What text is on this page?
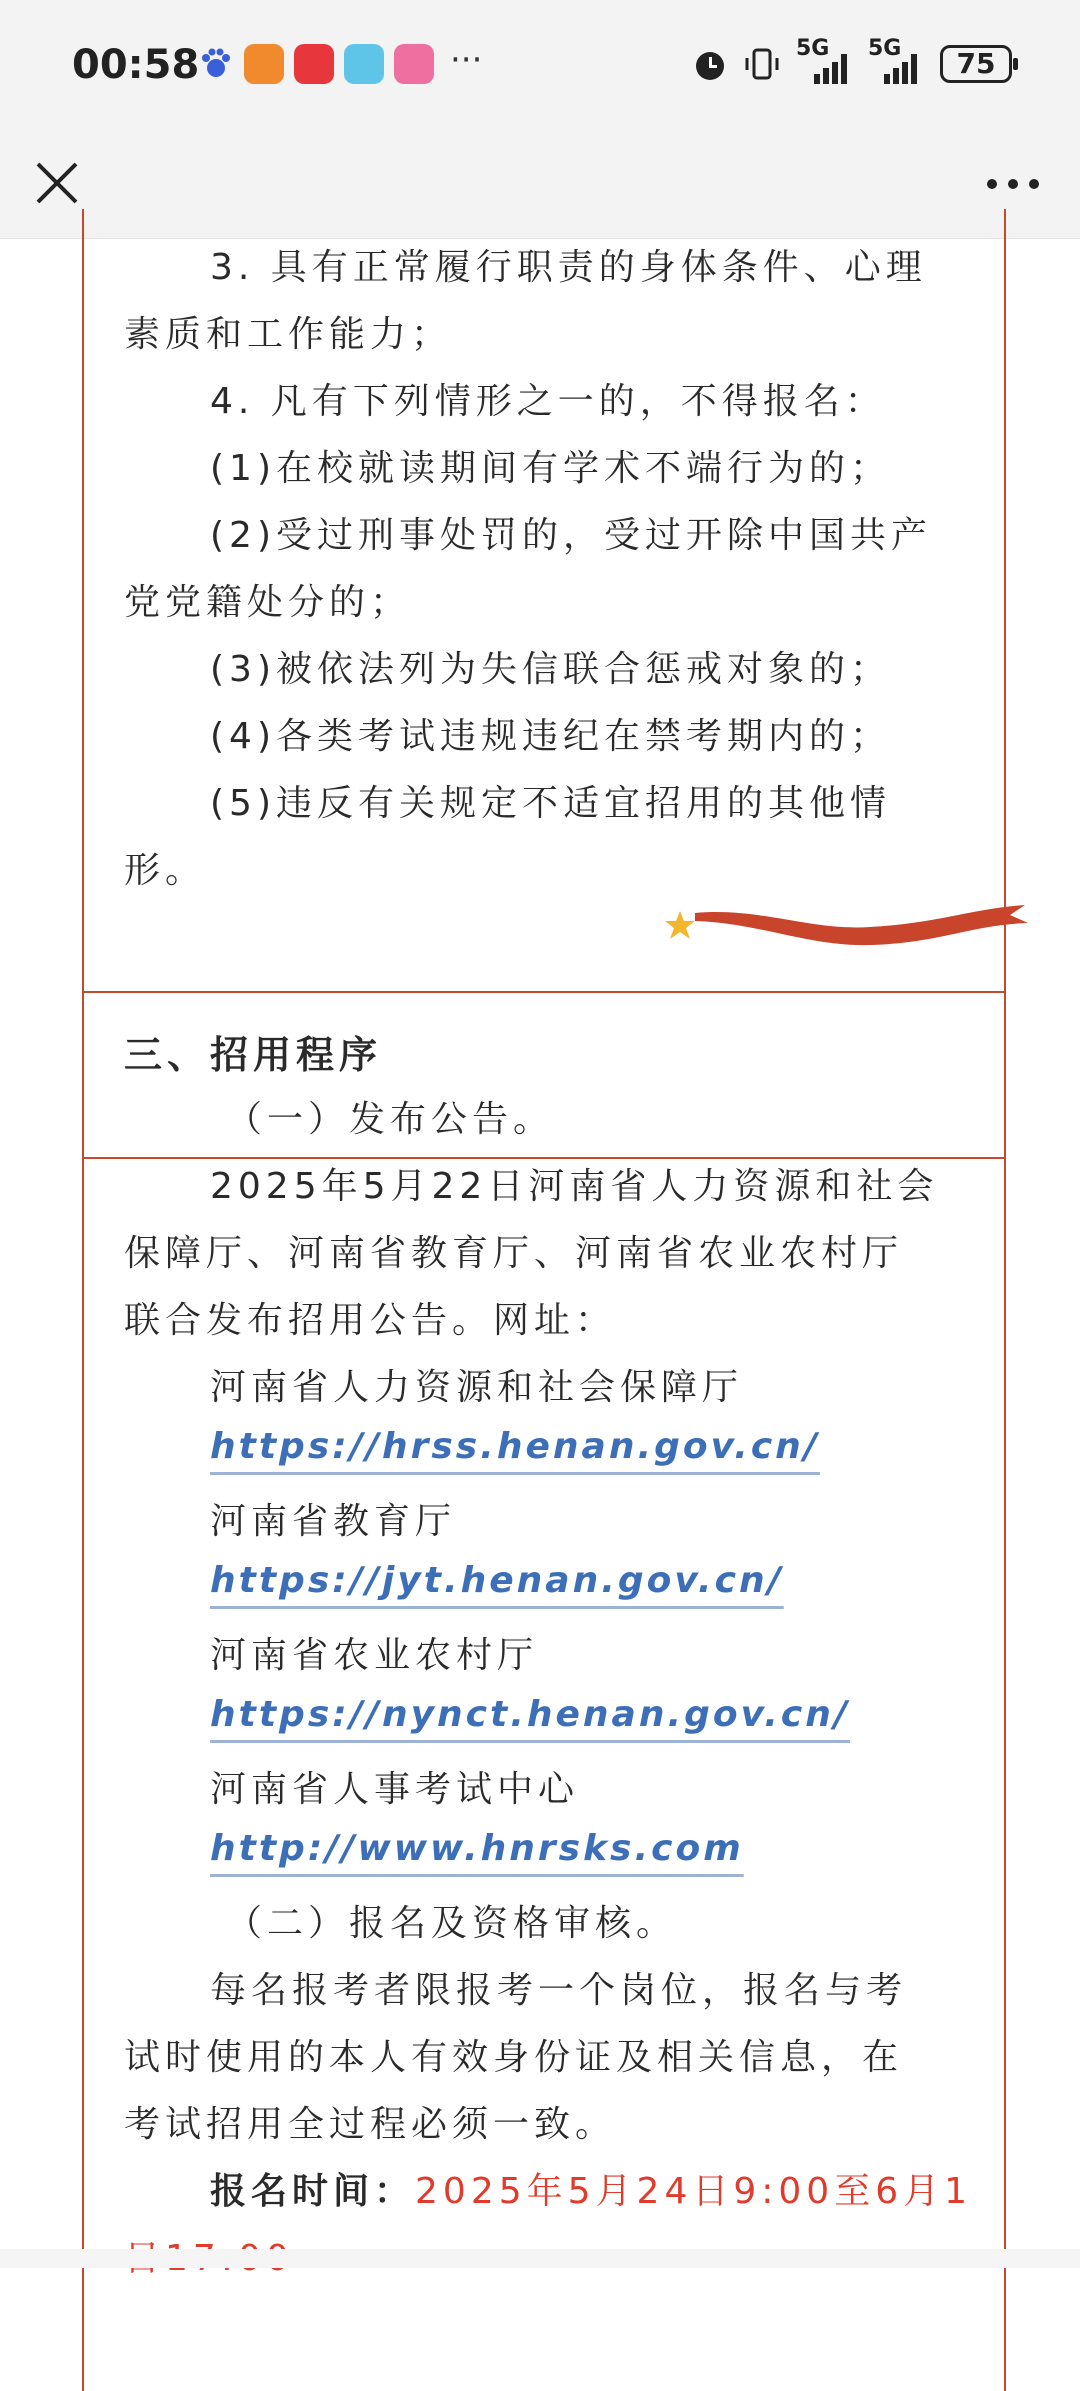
00:58	···	5G 5G	75
3. 具有正常履行职责的身体条件、心理
素质和工作能力；
4. 凡有下列情形之一的，不得报名：
(1)在校就读期间有学术不端行为的；
(2)受过刑事处罚的，受过开除中国共产
党党籍处分的；
(3)被依法列为失信联合惩戒对象的；
(4)各类考试违规违纪在禁考期内的；
(5)违反有关规定不适宜招用的其他情
形。
三、招用程序
（一）发布公告。
2025年5月22日河南省人力资源和社会
保障厅、河南省教育厅、河南省农业农村厅
联合发布招用公告。网址：
河南省人力资源和社会保障厅
https://hrss.henan.gov.cn/
河南省教育厅
https://jyt.henan.gov.cn/
河南省农业农村厅
https://nynct.henan.gov.cn/
河南省人事考试中心
http://www.hnrsks.com
（二）报名及资格审核。
每名报考者限报考一个岗位，报名与考
试时使用的本人有效身份证及相关信息，在
考试招用全过程必须一致。
报名时间：2025年5月24日9:00至6月1
